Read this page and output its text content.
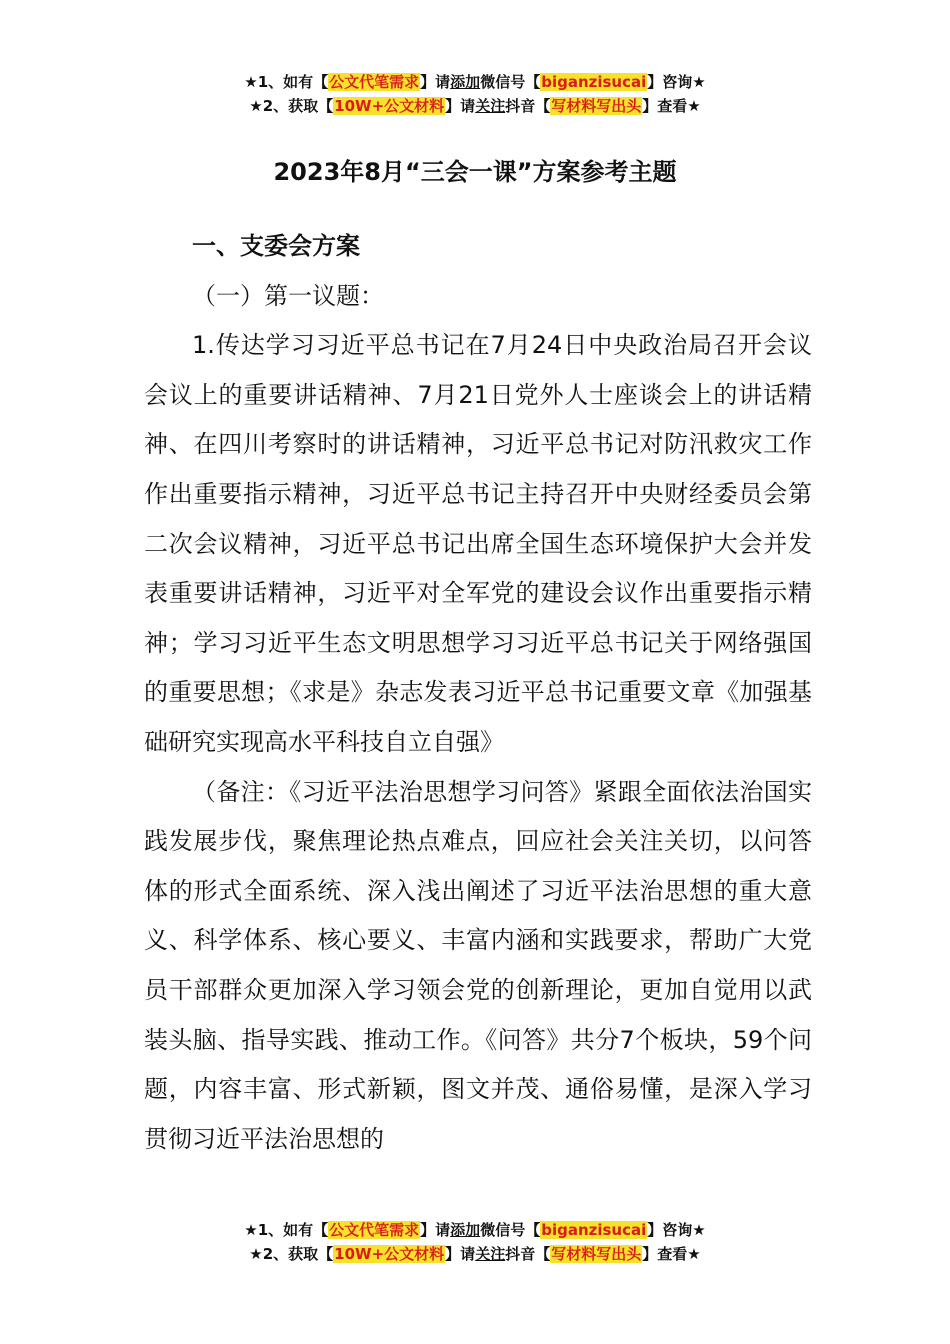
★1、如有【公文代笔需求】请添加微信号【biganzisucai】咨询★
★2、获取【10W+公文材料】请关注抖音【写材料写出头】查看★
2023年8月“三会一课”方案参考主题

一、支委会方案

（一）第一议题：

1.传达学习习近平总书记在7月24日中央政治局召开会议会议上的重要讲话精神、7月21日党外人士座谈会上的讲话精神、在四川考察时的讲话精神，习近平总书记对防汛救灾工作作出重要指示精神，习近平总书记主持召开中央财经委员会第二次会议精神，习近平总书记出席全国生态环境保护大会并发表重要讲话精神，习近平对全军党的建设会议作出重要指示精神；学习习近平生态文明思想学习习近平总书记关于网络强国的重要思想；《求是》杂志发表习近平总书记重要文章《加强基础研究实现高水平科技自立自强》

（备注：《习近平法治思想学习问答》紧跟全面依法治国实践发展步伐，聚焦理论热点难点，回应社会关注关切，以问答体的形式全面系统、深入浅出阐述了习近平法治思想的重大意义、科学体系、核心要义、丰富内涵和实践要求，帮助广大党员干部群众更加深入学习领会党的创新理论，更加自觉用以武装头脑、指导实践、推动工作。《问答》共分7个板块，59个问题，内容丰富、形式新颖，图文并茂、通俗易懂，是深入学习贯彻习近平法治思想的

★1、如有【公文代笔需求】请添加微信号【biganzisucai】咨询★
★2、获取【10W+公文材料】请关注抖音【写材料写出头】查看★
